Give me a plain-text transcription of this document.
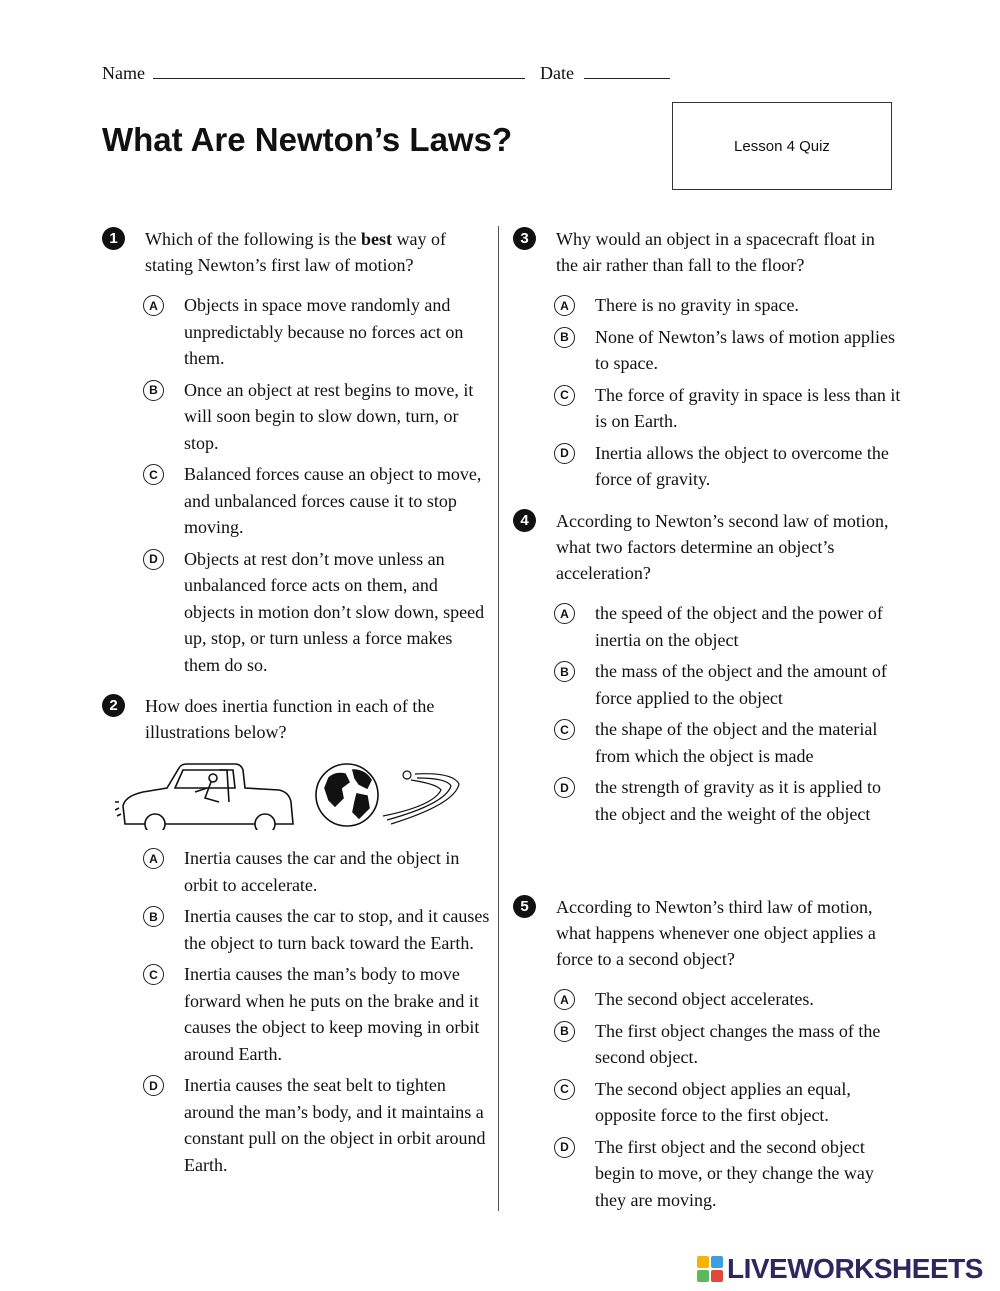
Name	Date
What Are Newton’s Laws?	Lesson 4 Quiz
1	Which of the following is the best way of stating Newton’s first law of motion?

A	Objects in space move randomly and unpredictably because no forces act on them.
B	Once an object at rest begins to move, it will soon begin to slow down, turn, or stop.
C	Balanced forces cause an object to move, and unbalanced forces cause it to stop moving.
D	Objects at rest don’t move unless an unbalanced force acts on them, and objects in motion don’t slow down, speed up, stop, or turn unless a force makes them do so.
2	How does inertia function in each of the illustrations below?

A	Inertia causes the car and the object in orbit to accelerate.
B	Inertia causes the car to stop, and it causes the object to turn back toward the Earth.
C	Inertia causes the man’s body to move forward when he puts on the brake and it causes the object to keep moving in orbit around Earth.
D	Inertia causes the seat belt to tighten around the man’s body, and it maintains a constant pull on the object in orbit around Earth.
3	Why would an object in a spacecraft float in the air rather than fall to the floor?

A	There is no gravity in space.
B	None of Newton’s laws of motion applies to space.
C	The force of gravity in space is less than it is on Earth.
D	Inertia allows the object to overcome the force of gravity.
4	According to Newton’s second law of motion, what two factors determine an object’s acceleration?

A	the speed of the object and the power of inertia on the object
B	the mass of the object and the amount of force applied to the object
C	the shape of the object and the material from which the object is made
D	the strength of gravity as it is applied to the object and the weight of the object
5	According to Newton’s third law of motion, what happens whenever one object applies a force to a second object?

A	The second object accelerates.
B	The first object changes the mass of the second object.
C	The second object applies an equal, opposite force to the first object.
D	The first object and the second object begin to move, or they change the way they are moving.
LIVEWORKSHEETS
